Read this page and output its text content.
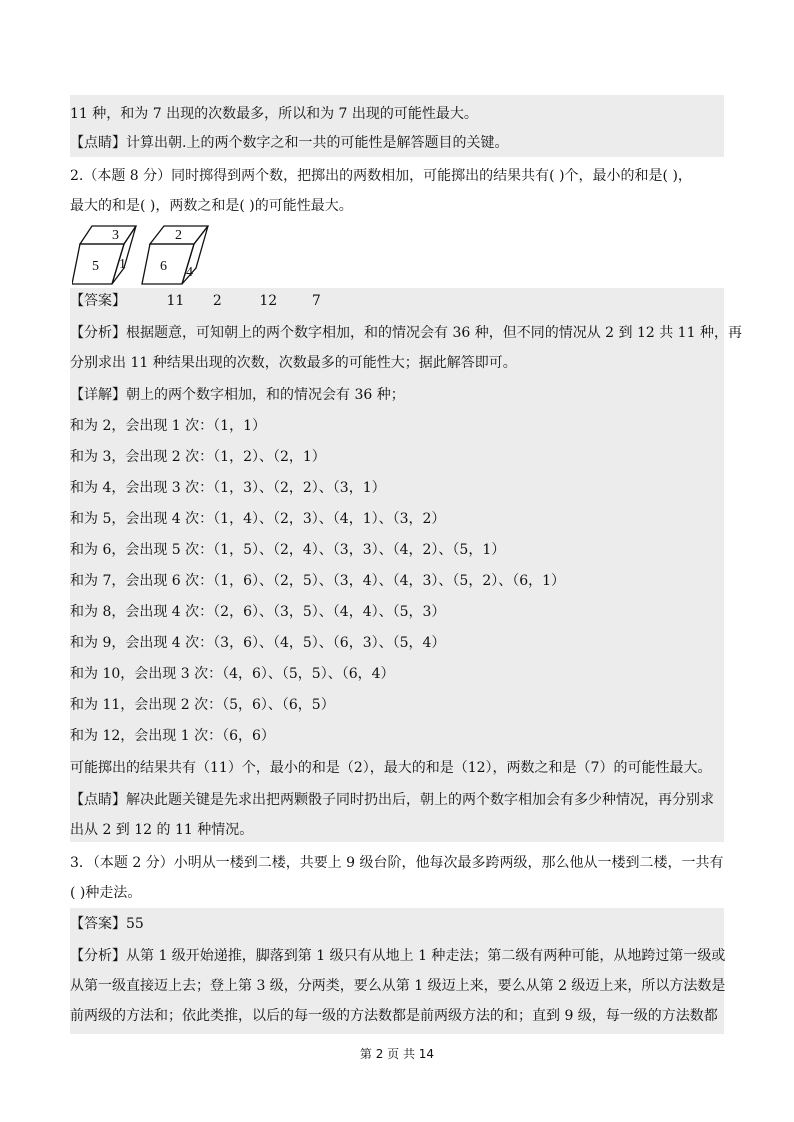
11 种，和为 7 出现的次数最多，所以和为 7 出现的可能性最大。
【点睛】计算出朝.上的两个数字之和一共的可能性是解答题目的关键。
2.（本题 8 分）同时掷得到两个数，把掷出的两数相加，可能掷出的结果共有( )个，最小的和是( )，
最大的和是( )，两数之和是( )的可能性最大。
3
5 1
2
6 4
【答案】	11 2	12 7
【分析】根据题意，可知朝上的两个数字相加，和的情况会有 36 种，但不同的情况从 2 到 12 共 11 种，再
分别求出 11 种结果出现的次数，次数最多的可能性大；据此解答即可。
【详解】朝上的两个数字相加，和的情况会有 36 种；
和为 2，会出现 1 次：（1，1）
和为 3，会出现 2 次：（1，2）、（2，1）
和为 4，会出现 3 次：（1，3）、（2，2）、（3，1）
和为 5，会出现 4 次：（1，4）、（2，3）、（4，1）、（3，2）
和为 6，会出现 5 次：（1，5）、（2，4）、（3，3）、（4，2）、（5，1）
和为 7，会出现 6 次：（1，6）、（2，5）、（3，4）、（4，3）、（5，2）、（6，1）
和为 8，会出现 4 次：（2，6）、（3，5）、（4，4）、（5，3）
和为 9，会出现 4 次：（3，6）、（4，5）、（6，3）、（5，4）
和为 10，会出现 3 次：（4，6）、（5，5）、（6，4）
和为 11，会出现 2 次：（5，6）、（6，5）
和为 12，会出现 1 次：（6，6）
可能掷出的结果共有（11）个，最小的和是（2），最大的和是（12），两数之和是（7）的可能性最大。
【点睛】解决此题关键是先求出把两颗骰子同时扔出后，朝上的两个数字相加会有多少种情况，再分别求
出从 2 到 12 的 11 种情况。
3．（本题 2 分）小明从一楼到二楼，共要上 9 级台阶，他每次最多跨两级，那么他从一楼到二楼，一共有
( )种走法。
【答案】55
【分析】从第 1 级开始递推，脚落到第 1 级只有从地上 1 种走法；第二级有两种可能，从地跨过第一级或
从第一级直接迈上去；登上第 3 级，分两类，要么从第 1 级迈上来，要么从第 2 级迈上来，所以方法数是
前两级的方法和；依此类推，以后的每一级的方法数都是前两级方法的和；直到 9 级，每一级的方法数都
第 2 页 共 14
